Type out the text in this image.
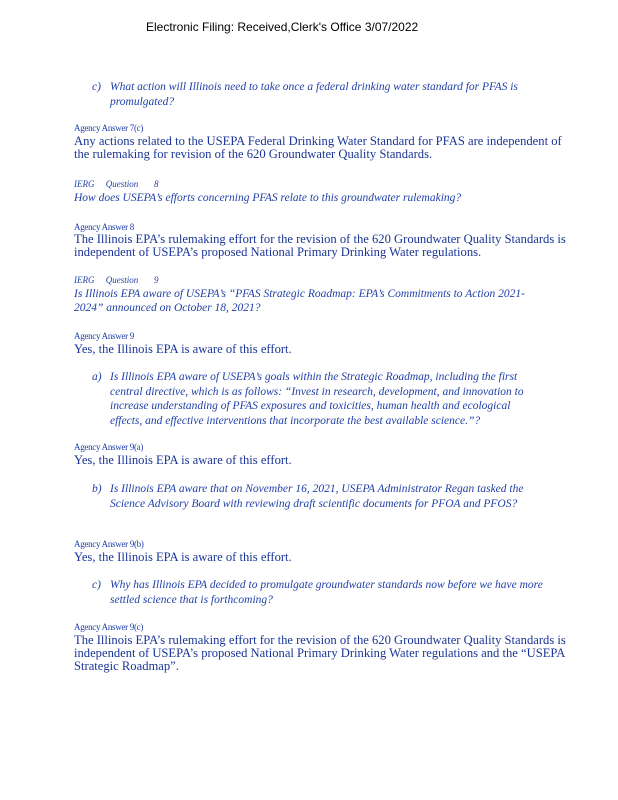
Electronic Filing: Received,Clerk's Office 3/07/2022
c) What action will Illinois need to take once a federal drinking water standard for PFAS is promulgated?
Agency Answer 7(c)
Any actions related to the USEPA Federal Drinking Water Standard for PFAS are independent of the rulemaking for revision of the 620 Groundwater Quality Standards.
IERG     Question       8
How does USEPA’s efforts concerning PFAS relate to this groundwater rulemaking?
Agency Answer 8
The Illinois EPA’s rulemaking effort for the revision of the 620 Groundwater Quality Standards is independent of USEPA’s proposed National Primary Drinking Water regulations.
IERG     Question       9
Is Illinois EPA aware of USEPA’s “PFAS Strategic Roadmap: EPA’s Commitments to Action 2021-2024” announced on October 18, 2021?
Agency Answer 9
Yes, the Illinois EPA is aware of this effort.
a) Is Illinois EPA aware of USEPA’s goals within the Strategic Roadmap, including the first central directive, which is as follows: “Invest in research, development, and innovation to increase understanding of PFAS exposures and toxicities, human health and ecological effects, and effective interventions that incorporate the best available science.”?
Agency Answer 9(a)
Yes, the Illinois EPA is aware of this effort.
b) Is Illinois EPA aware that on November 16, 2021, USEPA Administrator Regan tasked the Science Advisory Board with reviewing draft scientific documents for PFOA and PFOS?
Agency Answer 9(b)
Yes, the Illinois EPA is aware of this effort.
c) Why has Illinois EPA decided to promulgate groundwater standards now before we have more settled science that is forthcoming?
Agency Answer 9(c)
The Illinois EPA’s rulemaking effort for the revision of the 620 Groundwater Quality Standards is independent of USEPA’s proposed National Primary Drinking Water regulations and the “USEPA Strategic Roadmap”.
